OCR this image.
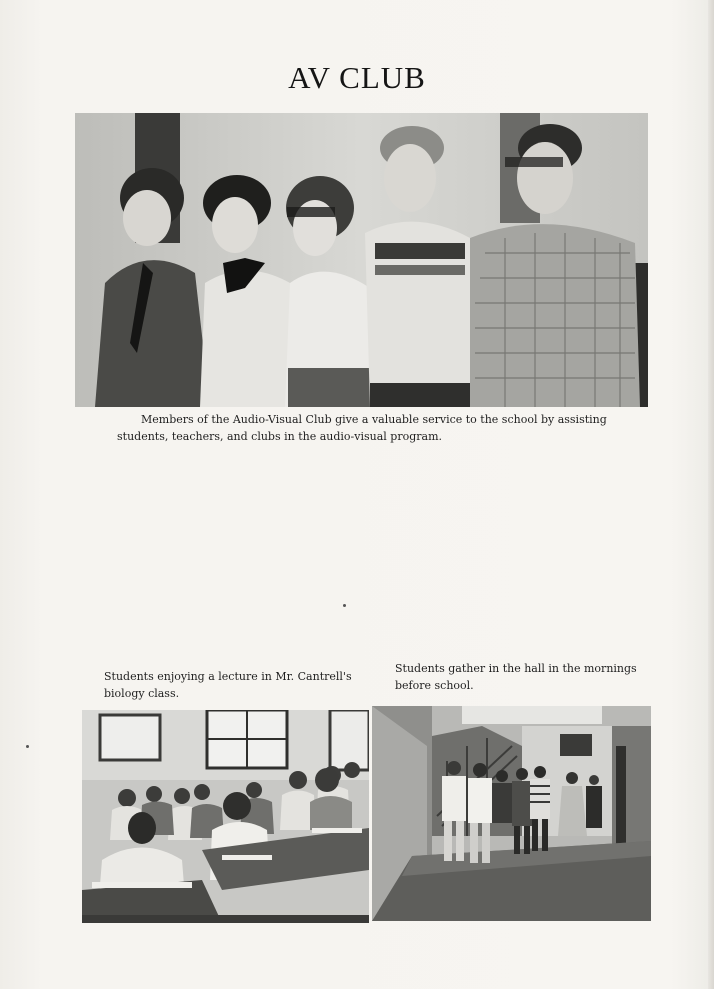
AV CLUB

Members of the Audio-Visual Club give a valuable service to the school by assisting students, teachers, and clubs in the audio-visual program.

Students enjoying a lecture in Mr. Cantrell's biology class.

Students gather in the hall in the mornings before school.
